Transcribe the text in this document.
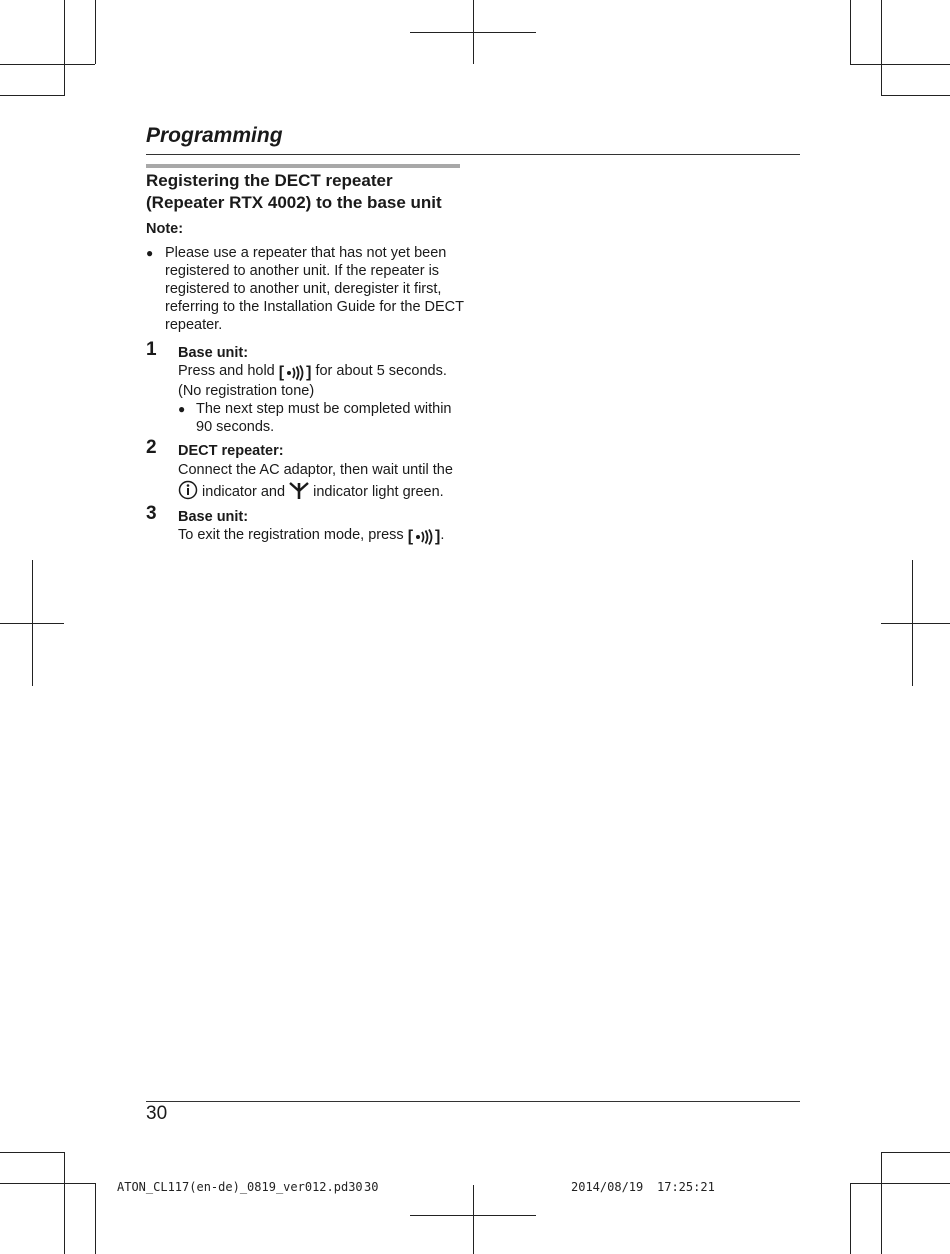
Programming
Registering the DECT repeater (Repeater RTX 4002) to the base unit
Note:
● Please use a repeater that has not yet been registered to another unit. If the repeater is registered to another unit, deregister it first, referring to the Installation Guide for the DECT repeater.
1 Base unit:
Press and hold [ ] for about 5 seconds. (No registration tone)
● The next step must be completed within 90 seconds.
2 DECT repeater:
Connect the AC adaptor, then wait until the  indicator and indicator light green.
3 Base unit:
To exit the registration mode, press [ ] .
30
ATON_CL117(en-de)_0819_ver012.pd30 30	2014/08/19 17:25:21
